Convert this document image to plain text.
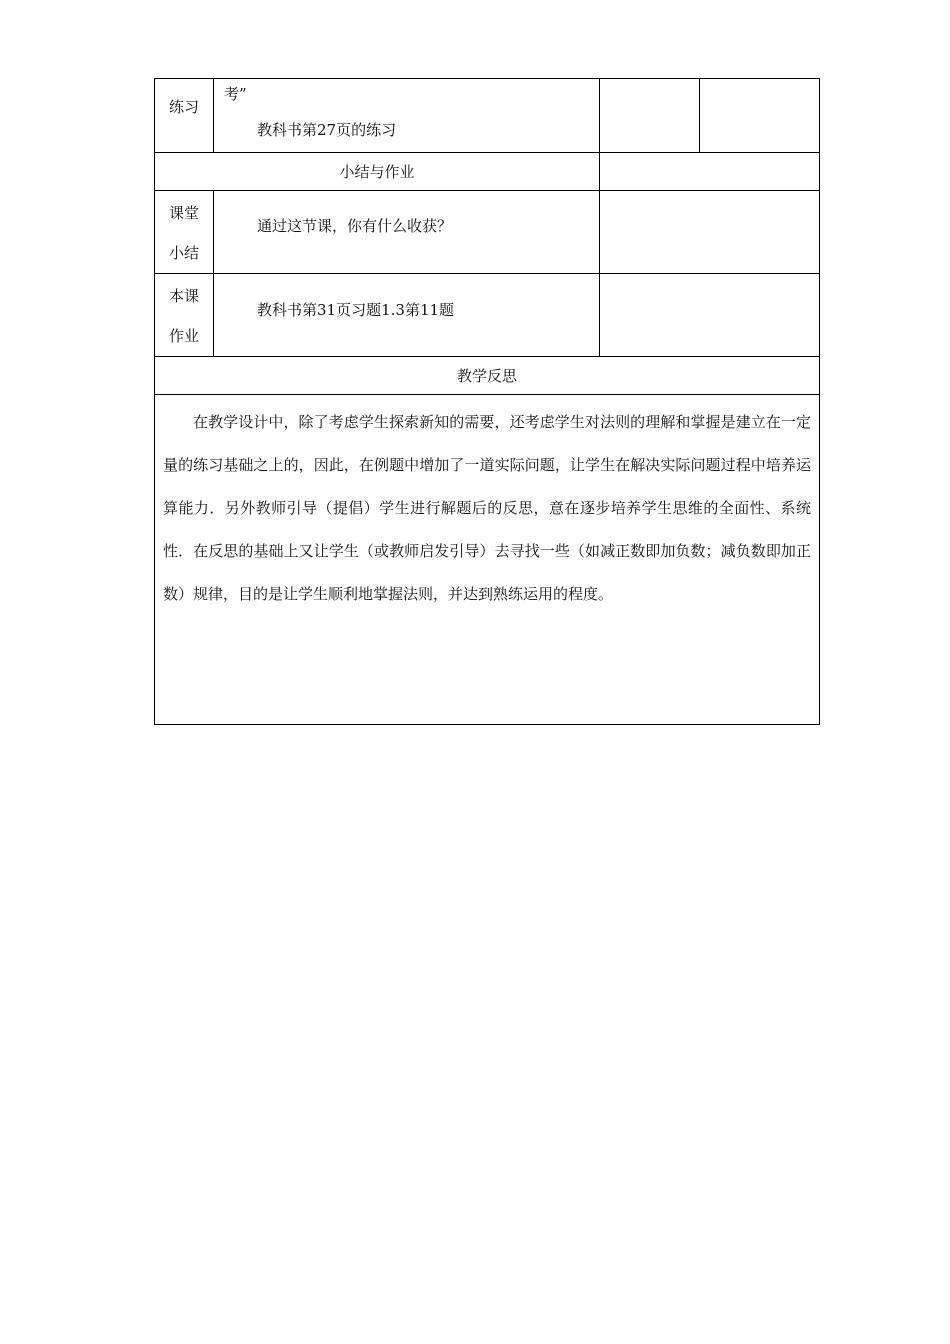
练习	考”
教科书第27页的练习		

小结与作业			

课堂
小结	通过这节课，你有什么收获？		

本课
作业	教科书第31页习题1.3第11题		

教学反思			

在教学设计中，除了考虑学生探索新知的需要，还考虑学生对法则的理解和掌握是建立在一定量的练习基础之上的，因此，在例题中增加了一道实际问题，让学生在解决实际问题过程中培养运算能力．另外教师引导（提倡）学生进行解题后的反思，意在逐步培养学生思维的全面性、系统性．在反思的基础上又让学生（或教师启发引导）去寻找一些（如减正数即加负数；减负数即加正数）规律，目的是让学生顺利地掌握法则，并达到熟练运用的程度。			
